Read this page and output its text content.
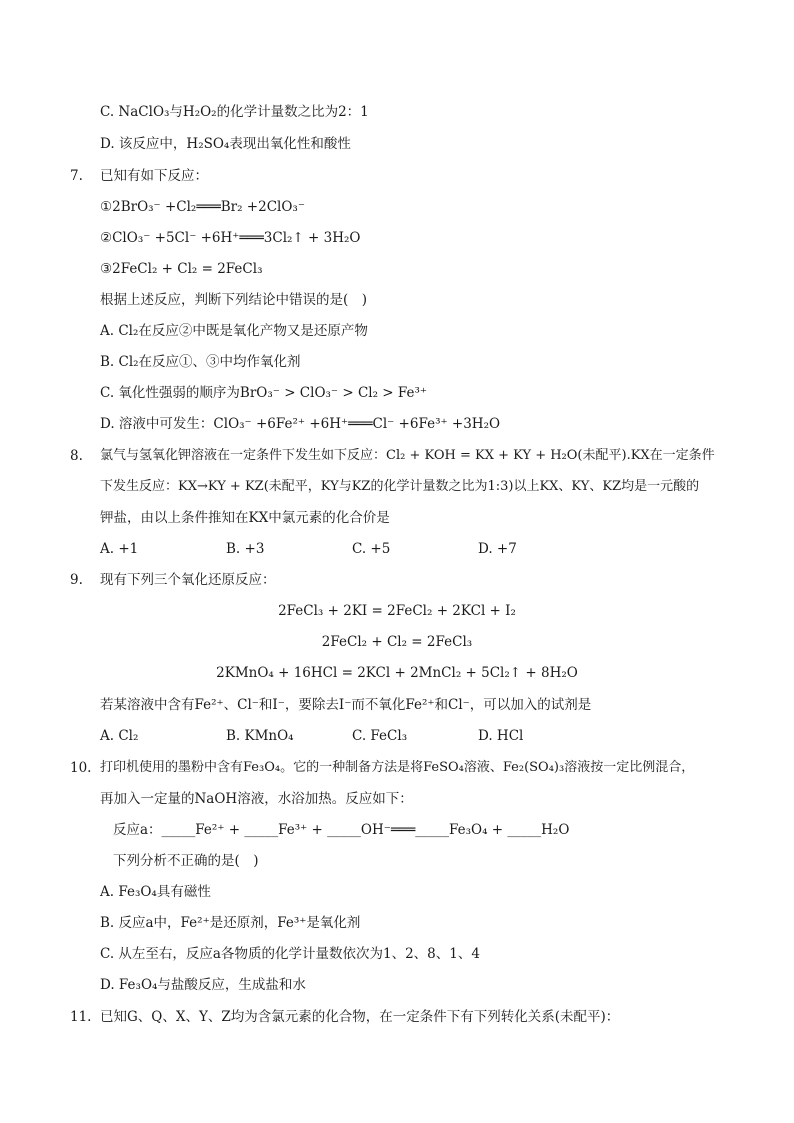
C. NaClO₃与H₂O₂的化学计量数之比为2：1
D. 该反应中，H₂SO₄表现出氧化性和酸性
7. 已知有如下反应：
①2BrO₃⁻ +Cl₂═══Br₂ +2ClO₃⁻
②ClO₃⁻ +5Cl⁻ +6H⁺═══3Cl₂↑ + 3H₂O
③2FeCl₂ + Cl₂ = 2FeCl₃
根据上述反应，判断下列结论中错误的是(　)
A. Cl₂在反应②中既是氧化产物又是还原产物
B. Cl₂在反应①、③中均作氧化剂
C. 氧化性强弱的顺序为BrO₃⁻ > ClO₃⁻ > Cl₂ > Fe³⁺
D. 溶液中可发生：ClO₃⁻ +6Fe²⁺ +6H⁺═══Cl⁻ +6Fe³⁺ +3H₂O
8. 氯气与氢氧化钾溶液在一定条件下发生如下反应：Cl₂ + KOH = KX + KY + H₂O(未配平).KX在一定条件
下发生反应：KX→KY + KZ(未配平，KY与KZ的化学计量数之比为1:3)以上KX、KY、KZ均是一元酸的
钾盐，由以上条件推知在KX中氯元素的化合价是
A. +1	B. +3	C. +5	D. +7
9. 现有下列三个氧化还原反应：
2FeCl₃ + 2KI = 2FeCl₂ + 2KCl + I₂
2FeCl₂ + Cl₂ = 2FeCl₃
2KMnO₄ + 16HCl = 2KCl + 2MnCl₂ + 5Cl₂↑ + 8H₂O
若某溶液中含有Fe²⁺、Cl⁻和I⁻，要除去I⁻而不氧化Fe²⁺和Cl⁻，可以加入的试剂是
A. Cl₂	B. KMnO₄	C. FeCl₃	D. HCl
10. 打印机使用的墨粉中含有Fe₃O₄。它的一种制备方法是将FeSO₄溶液、Fe₂(SO₄)₃溶液按一定比例混合，
再加入一定量的NaOH溶液，水浴加热。反应如下：
反应a：_____Fe²⁺ + _____Fe³⁺ + _____OH⁻═══_____Fe₃O₄ + _____H₂O
下列分析不正确的是(　)
A. Fe₃O₄具有磁性
B. 反应a中，Fe²⁺是还原剂，Fe³⁺是氧化剂
C. 从左至右，反应a各物质的化学计量数依次为1、2、8、1、4
D. Fe₃O₄与盐酸反应，生成盐和水
11. 已知G、Q、X、Y、Z均为含氯元素的化合物，在一定条件下有下列转化关系(未配平)：
